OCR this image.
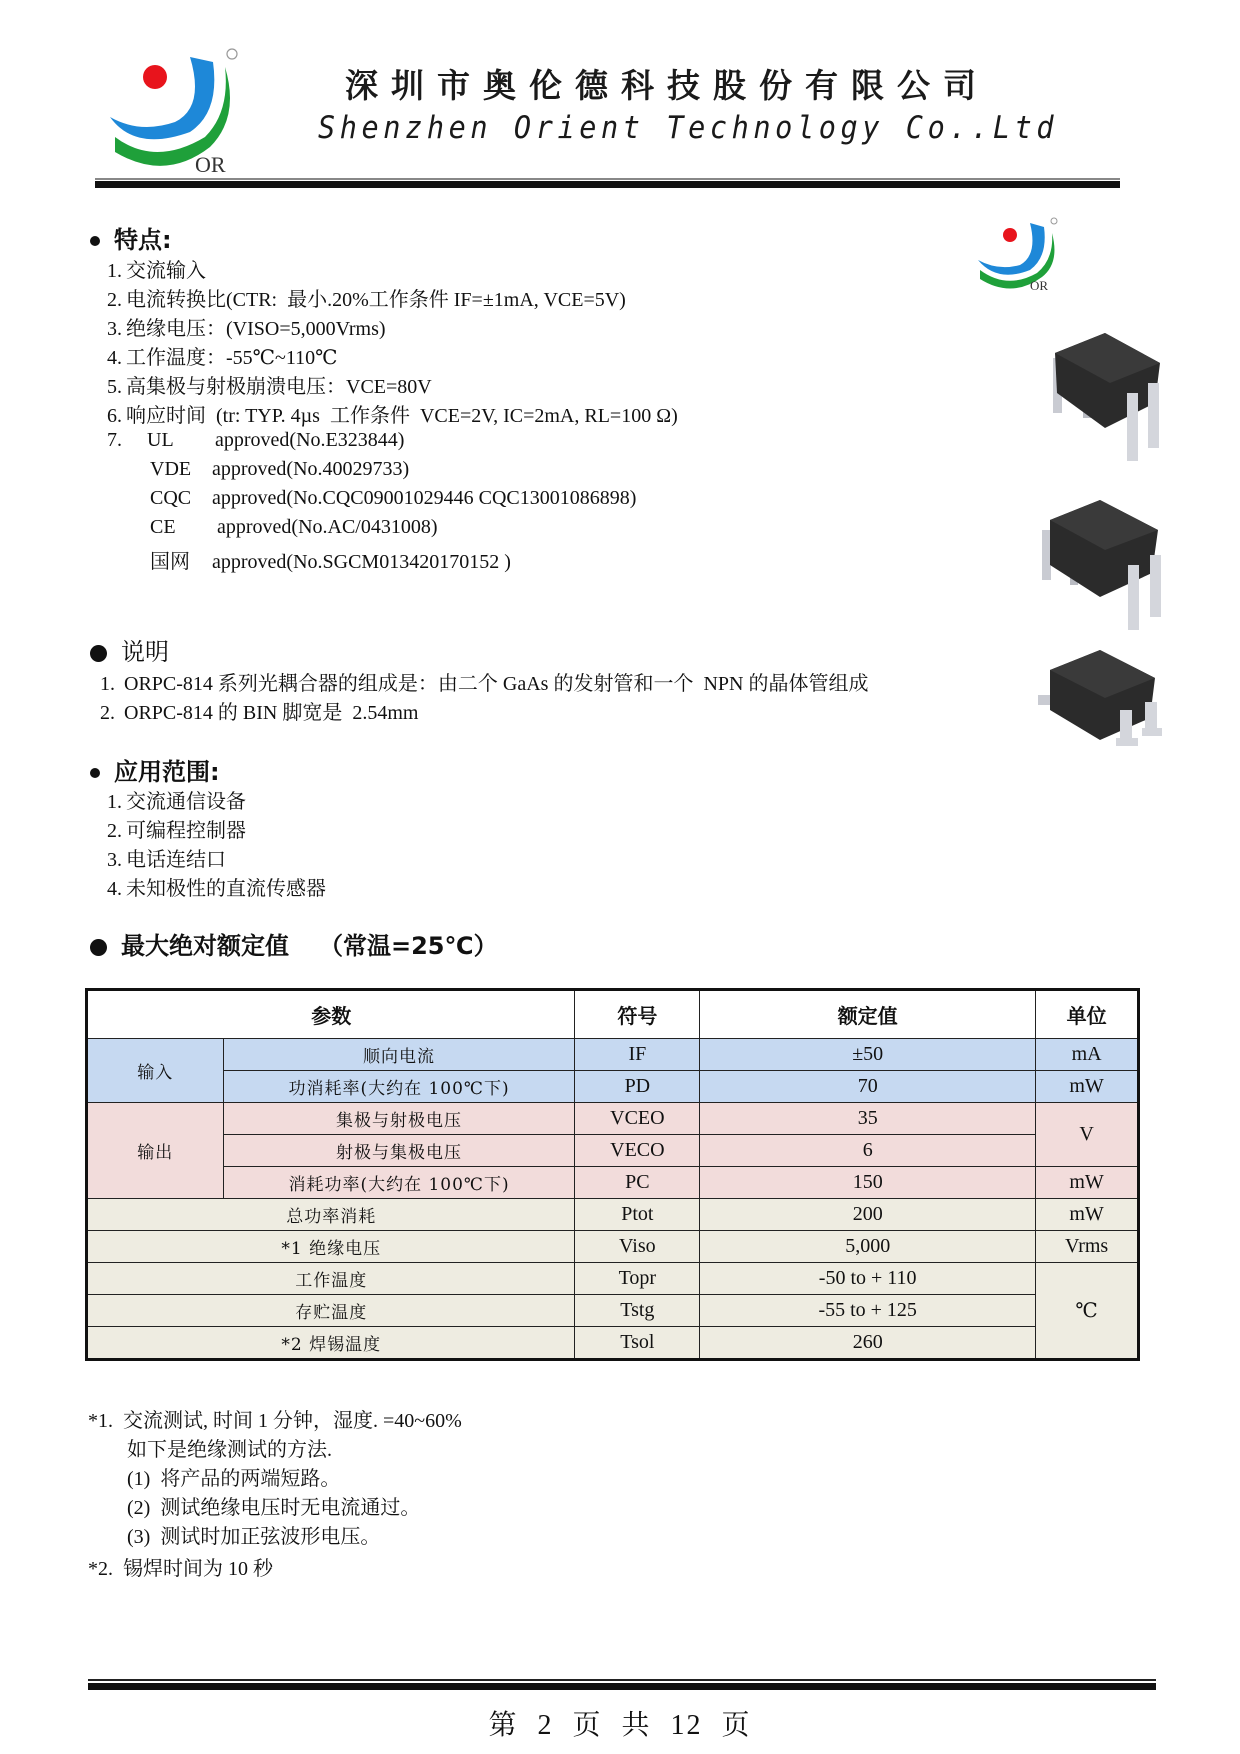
OR
深圳市奥伦德科技股份有限公司
Shenzhen Orient Technology Co..Ltd
OR
特点:
1. 交流输入
2. 电流转换比(CTR:  最小.20%工作条件 IF=±1mA, VCE=5V)
3. 绝缘电压：(VISO=5,000Vrms)
4. 工作温度：-55℃~110℃
5. 高集极与射极崩溃电压：VCE=80V
6. 响应时间  (tr: TYP. 4µs  工作条件  VCE=2V, IC=2mA, RL=100 Ω)
7. UL approved(No.E323844)
VDE approved(No.40029733)
CQC approved(No.CQC09001029446 CQC13001086898)
CE approved(No.AC/0431008)
国网 approved(No.SGCM013420170152 )
说明
1. ORPC-814 系列光耦合器的组成是：由二个 GaAs 的发射管和一个  NPN 的晶体管组成
2. ORPC-814 的 BIN 脚宽是  2.54mm
应用范围:
1. 交流通信设备
2. 可编程控制器
3. 电话连结口
4. 未知极性的直流传感器
最大绝对额定值 （常温=25℃）
参数		符号	额定值	单位
输入	顺向电流	IF	±50	mA
	功消耗率(大约在 100℃下)	PD	70	mW
输出	集极与射极电压	VCEO	35	V
	射极与集极电压	VECO	6	
	消耗功率(大约在 100℃下)	PC	150	mW
总功率消耗		Ptot	200	mW
*1 绝缘电压		Viso	5,000	Vrms
工作温度		Topr	-50 to + 110	℃
存贮温度		Tstg	-55 to + 125	
*2 焊锡温度		Tsol	260	
*1.  交流测试, 时间 1 分钟，湿度. =40~60%
如下是绝缘测试的方法.
(1)  将产品的两端短路。
(2)  测试绝缘电压时无电流通过。
(3)  测试时加正弦波形电压。
*2.  锡焊时间为 10 秒
第 2 页 共 12 页
